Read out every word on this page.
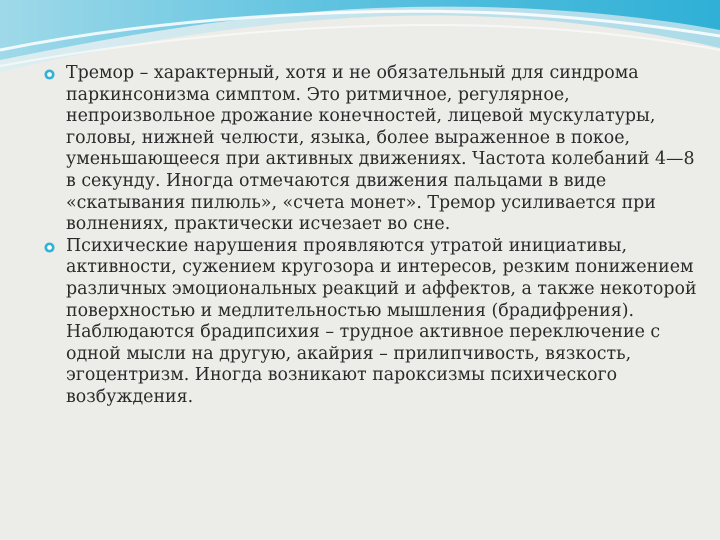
Тремор – характерный, хотя и не обязательный для синдрома паркинсонизма симптом. Это ритмичное, регулярное, непроизвольное дрожание конечностей, лицевой мускулатуры, головы, нижней челюсти, языка, более выраженное в покое, уменьшающееся при активных движениях. Частота колебаний 4—8 в секунду. Иногда отмечаются движения пальцами в виде «скатывания пилюль», «счета монет». Тремор усиливается при волнениях, практически исчезает во сне.
Психические нарушения проявляются утратой инициативы, активности, сужением кругозора и интересов, резким понижением различных эмоциональных реакций и аффектов, а также некоторой поверхностью и медлительностью мышления (брадифрения). Наблюдаются брадипсихия – трудное активное переключение с одной мысли на другую, акайрия – прилипчивость, вязкость, эгоцентризм. Иногда возникают пароксизмы психического возбуждения.
